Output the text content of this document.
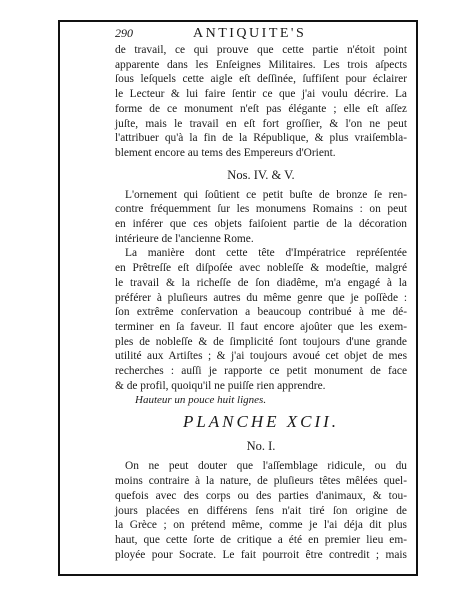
290	ANTIQUITE'S

de travail, ce qui prouve que cette partie n'étoit point
apparente dans les Enſeignes Militaires. Les trois aſpects
ſous leſquels cette aigle eſt deſſinée, ſuffiſent pour éclairer
le Lecteur & lui faire ſentir ce que j'ai voulu décrire. La
forme de ce monument n'eſt pas élégante ; elle eſt aſſez
juſte, mais le travail en eſt fort groſſier, & l'on ne peut
l'attribuer qu'à la fin de la République, & plus vraiſembla-
blement encore au tems des Empereurs d'Orient.

Nos. IV. & V.

L'ornement qui ſoûtient ce petit buſte de bronze ſe ren-
contre fréquemment ſur les monumens Romains : on peut
en inférer que ces objets faiſoient partie de la décoration
intérieure de l'ancienne Rome.

La manière dont cette tête d'Impératrice repréſentée
en Prêtreſſe eſt diſpoſée avec nobleſſe & modeſtie, malgré
le travail & la richeſſe de ſon diadême, m'a engagé à la
préférer à pluſieurs autres du même genre que je poſſède :
ſon extrême conſervation a beaucoup contribué à me dé-
terminer en ſa faveur. Il faut encore ajoûter que les exem-
ples de nobleſſe & de ſimplicité ſont toujours d'une grande
utilité aux Artiſtes ; & j'ai toujours avoué cet objet de mes
recherches : auſſi je rapporte ce petit monument de face
& de profil, quoiqu'il ne puiſſe rien apprendre.

Hauteur un pouce huit lignes.
PLANCHE XCII.
No. I.

On ne peut douter que l'aſſemblage ridicule, ou du
moins contraire à la nature, de pluſieurs têtes mêlées quel-
quefois avec des corps ou des parties d'animaux, & tou-
jours placées en différens ſens n'ait tiré ſon origine de
la Grèce ; on prétend même, comme je l'ai déja dit plus
haut, que cette ſorte de critique a été en premier lieu em-
ployée pour Socrate. Le fait pourroit être contredit ; mais
